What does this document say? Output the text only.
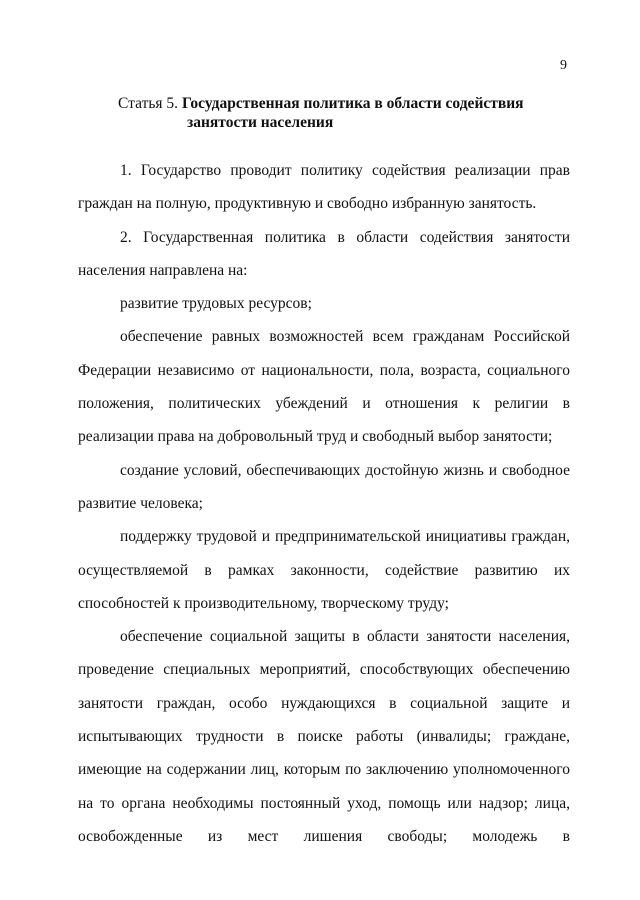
9
Статья 5. Государственная политика в области содействия
занятости населения

1. Государство проводит политику содействия реализации прав граждан на полную, продуктивную и свободно избранную занятость.

2. Государственная политика в области содействия занятости населения направлена на:

развитие трудовых ресурсов;

обеспечение равных возможностей всем гражданам Российской Федерации независимо от национальности, пола, возраста, социального положения, политических убеждений и отношения к религии в реализации права на добровольный труд и свободный выбор занятости;

создание условий, обеспечивающих достойную жизнь и свободное развитие человека;

поддержку трудовой и предпринимательской инициативы граждан, осуществляемой в рамках законности, содействие развитию их способностей к производительному, творческому труду;

обеспечение социальной защиты в области занятости населения, проведение специальных мероприятий, способствующих обеспечению занятости граждан, особо нуждающихся в социальной защите и испытывающих трудности в поиске работы (инвалиды; граждане, имеющие на содержании лиц, которым по заключению уполномоченного на то органа необходимы постоянный уход, помощь или надзор; лица, освобожденные из мест лишения свободы; молодежь в
